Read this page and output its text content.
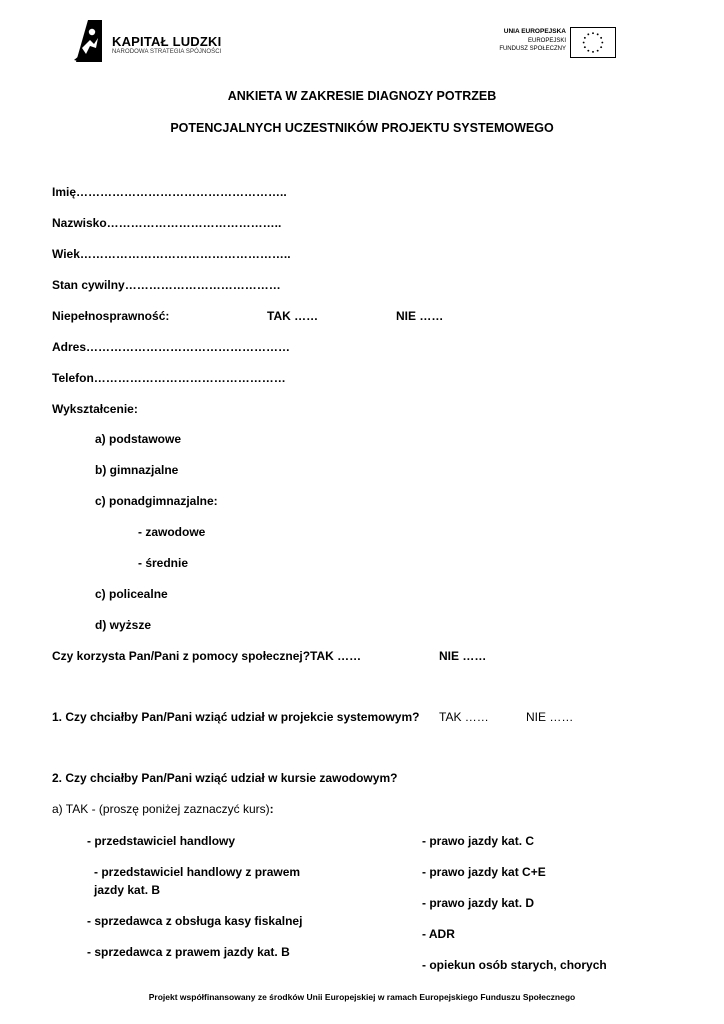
KAPITAŁ LUDZKI
NARODOWA STRATEGIA SPÓJNOŚCI
UNIA EUROPEJSKA
EUROPEJSKI
FUNDUSZ SPOŁECZNY
ANKIETA W ZAKRESIE DIAGNOZY POTRZEB
POTENCJALNYCH UCZESTNIKÓW PROJEKTU SYSTEMOWEGO
Imię……………………………………………..
Nazwisko……………………………………..
Wiek……………………………………………..
Stan cywilny…………………………………
Niepełnosprawność:	TAK ……	NIE ……
Adres……………………………………………
Telefon…………………………………………
Wykształcenie:
a) podstawowe
b) gimnazjalne
c) ponadgimnazjalne:
- zawodowe
- średnie
c) policealne
d) wyższe
Czy korzysta Pan/Pani z pomocy społecznej? TAK ……	NIE ……
1. Czy chciałby Pan/Pani wziąć udział w projekcie systemowym? TAK ……	NIE ……
2. Czy chciałby Pan/Pani wziąć udział w kursie zawodowym?
a) TAK - (proszę poniżej zaznaczyć kurs):
- przedstawiciel handlowy
- przedstawiciel handlowy z prawem
jazdy kat. B
- sprzedawca z obsługa kasy fiskalnej
- sprzedawca z prawem jazdy kat. B
- prawo jazdy kat. C
- prawo jazdy kat C+E
- prawo jazdy kat. D
- ADR
- opiekun osób starych, chorych
Projekt współfinansowany ze środków Unii Europejskiej w ramach Europejskiego Funduszu Społecznego
